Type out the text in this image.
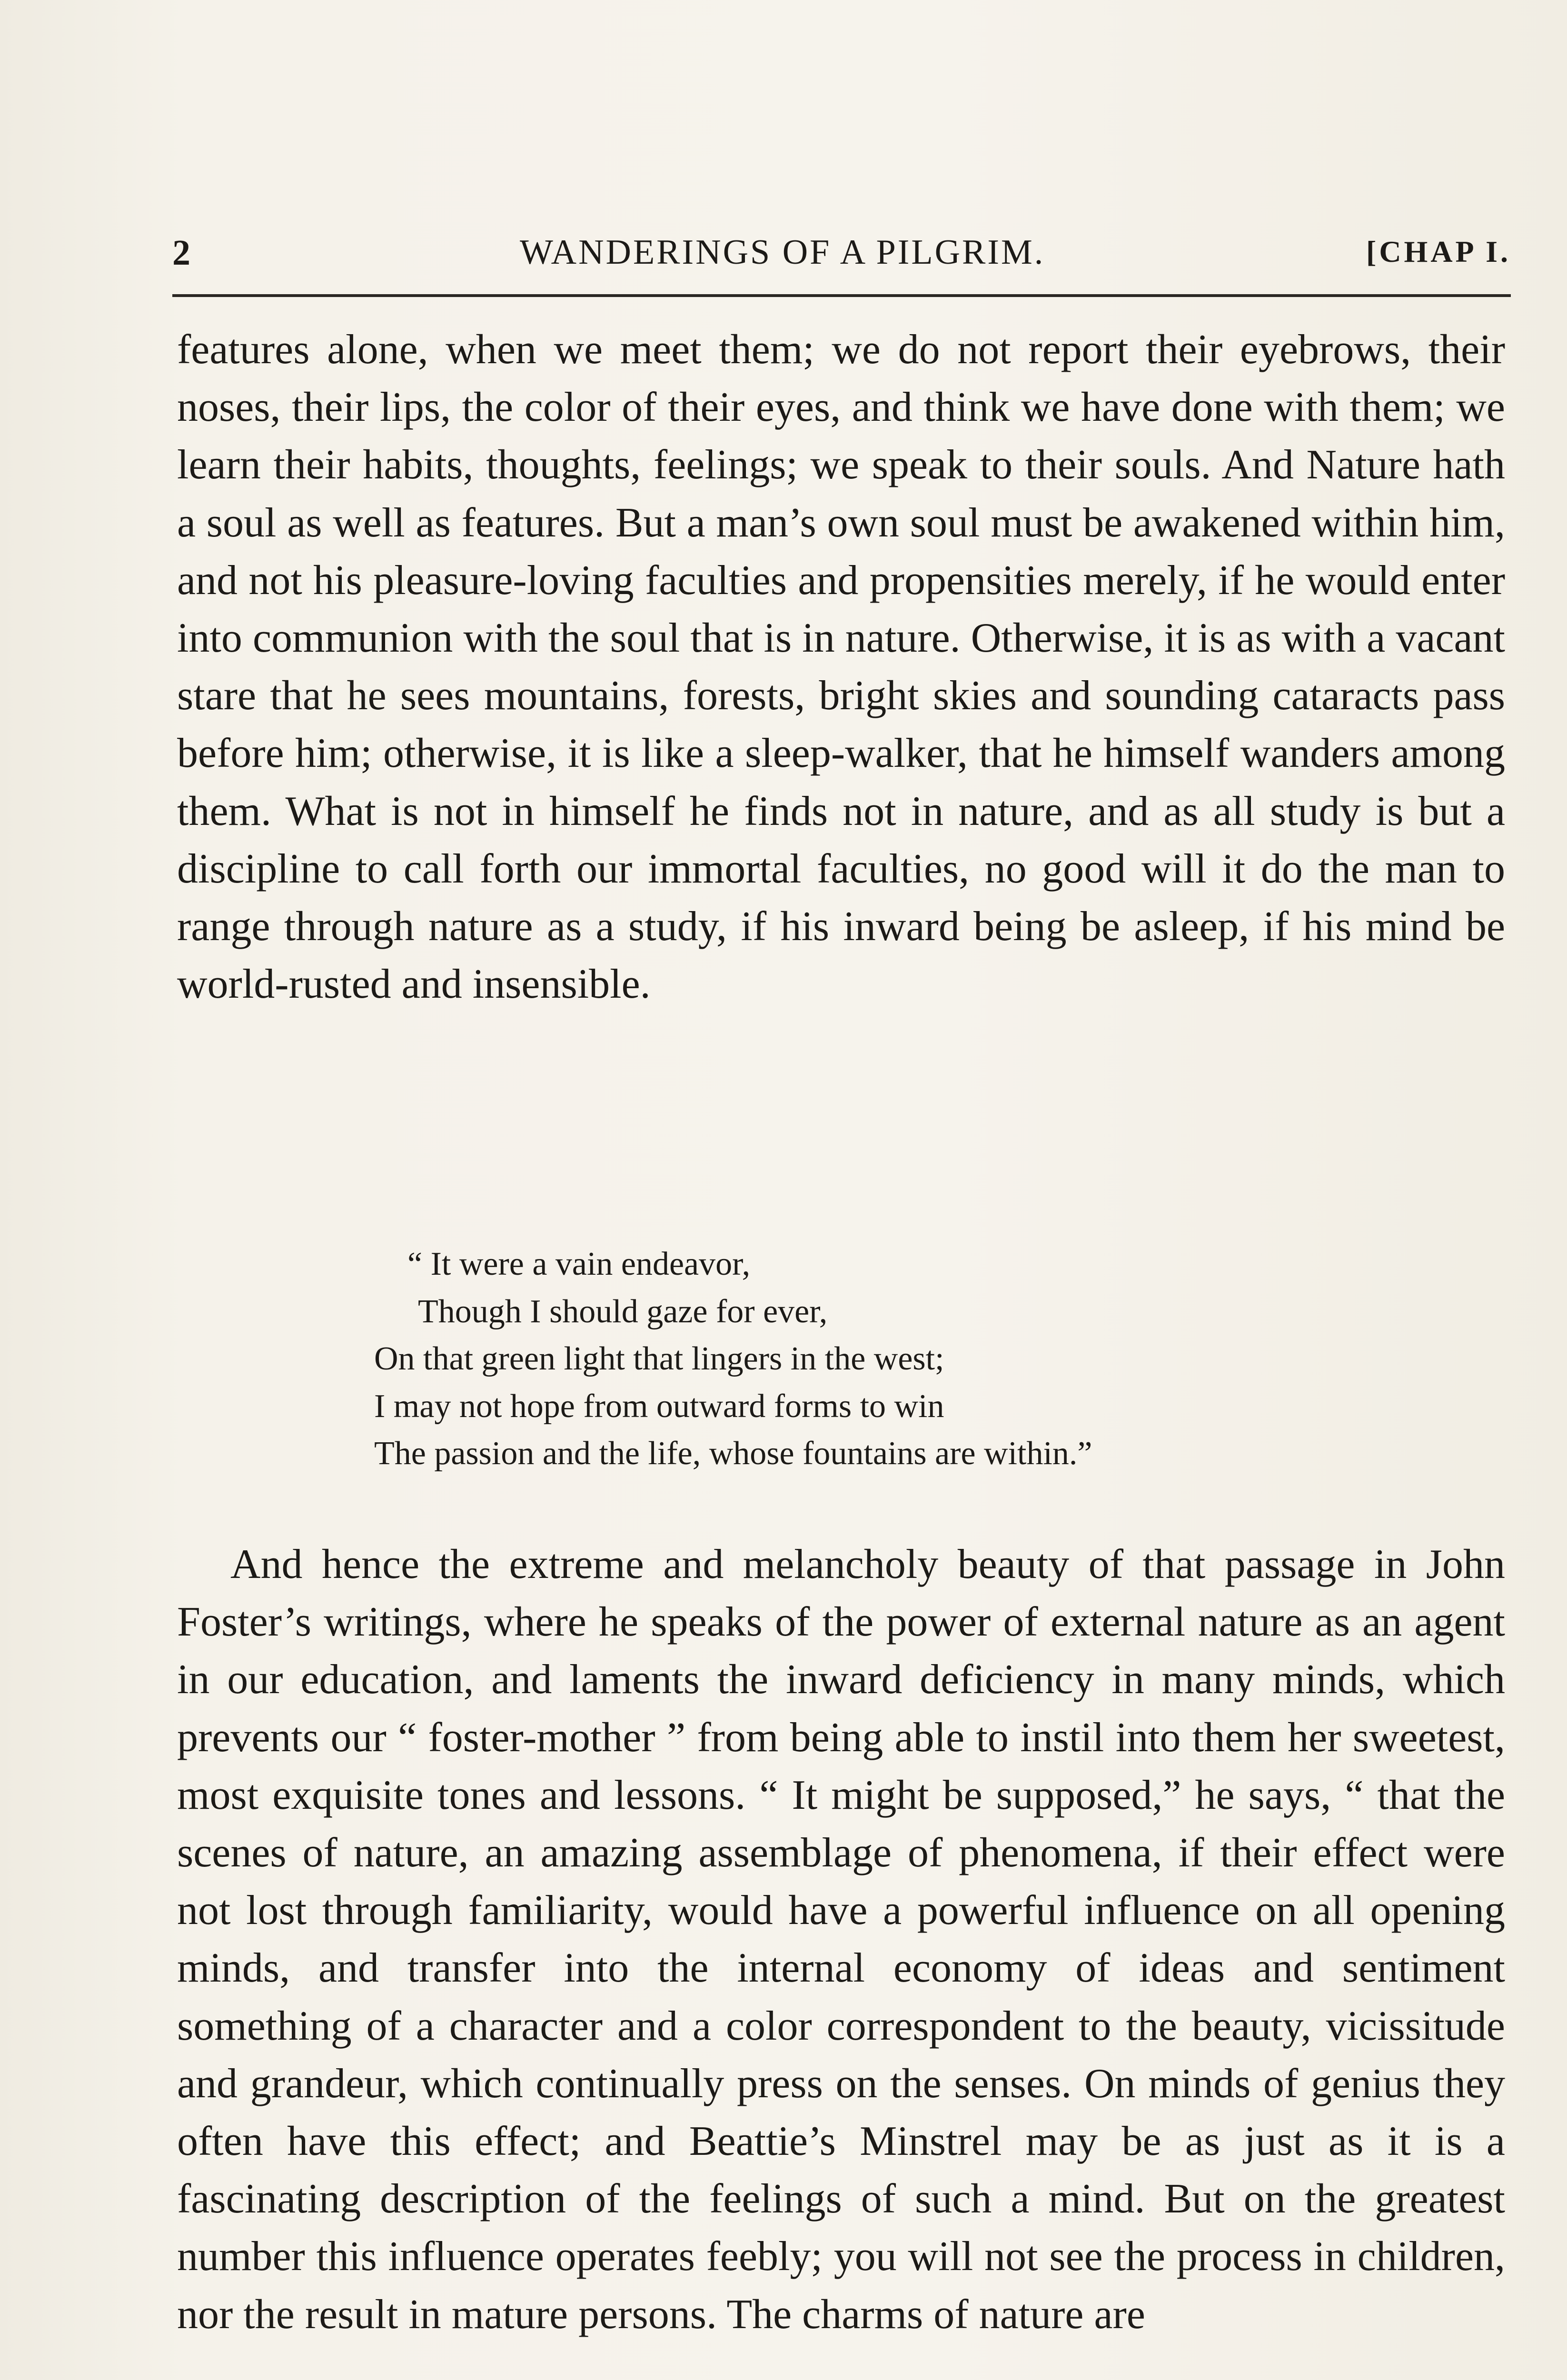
2	WANDERINGS OF A PILGRIM.	[CHAP I.

features alone, when we meet them; we do not report their eyebrows, their noses, their lips, the color of their eyes, and think we have done with them; we learn their habits, thoughts, feelings; we speak to their souls. And Nature hath a soul as well as features. But a man’s own soul must be awakened within him, and not his pleasure-loving faculties and propensities merely, if he would enter into communion with the soul that is in nature. Otherwise, it is as with a vacant stare that he sees mountains, forests, bright skies and sounding cataracts pass before him; otherwise, it is like a sleep-walker, that he himself wanders among them. What is not in himself he finds not in nature, and as all study is but a discipline to call forth our immortal faculties, no good will it do the man to range through nature as a study, if his inward being be asleep, if his mind be world-rusted and insensible.

“ It were a vain endeavor,
Though I should gaze for ever,
On that green light that lingers in the west;
I may not hope from outward forms to win
The passion and the life, whose fountains are within.”

And hence the extreme and melancholy beauty of that passage in John Foster’s writings, where he speaks of the power of external nature as an agent in our education, and laments the inward deficiency in many minds, which prevents our “ foster-mother ” from being able to instil into them her sweetest, most exquisite tones and lessons. “ It might be supposed,” he says, “ that the scenes of nature, an amazing assemblage of phenomena, if their effect were not lost through familiarity, would have a powerful influence on all opening minds, and transfer into the internal economy of ideas and sentiment something of a character and a color correspondent to the beauty, vicissitude and grandeur, which continually press on the senses. On minds of genius they often have this effect; and Beattie’s Minstrel may be as just as it is a fascinating description of the feelings of such a mind. But on the greatest number this influence operates feebly; you will not see the process in children, nor the result in mature persons. The charms of nature are
